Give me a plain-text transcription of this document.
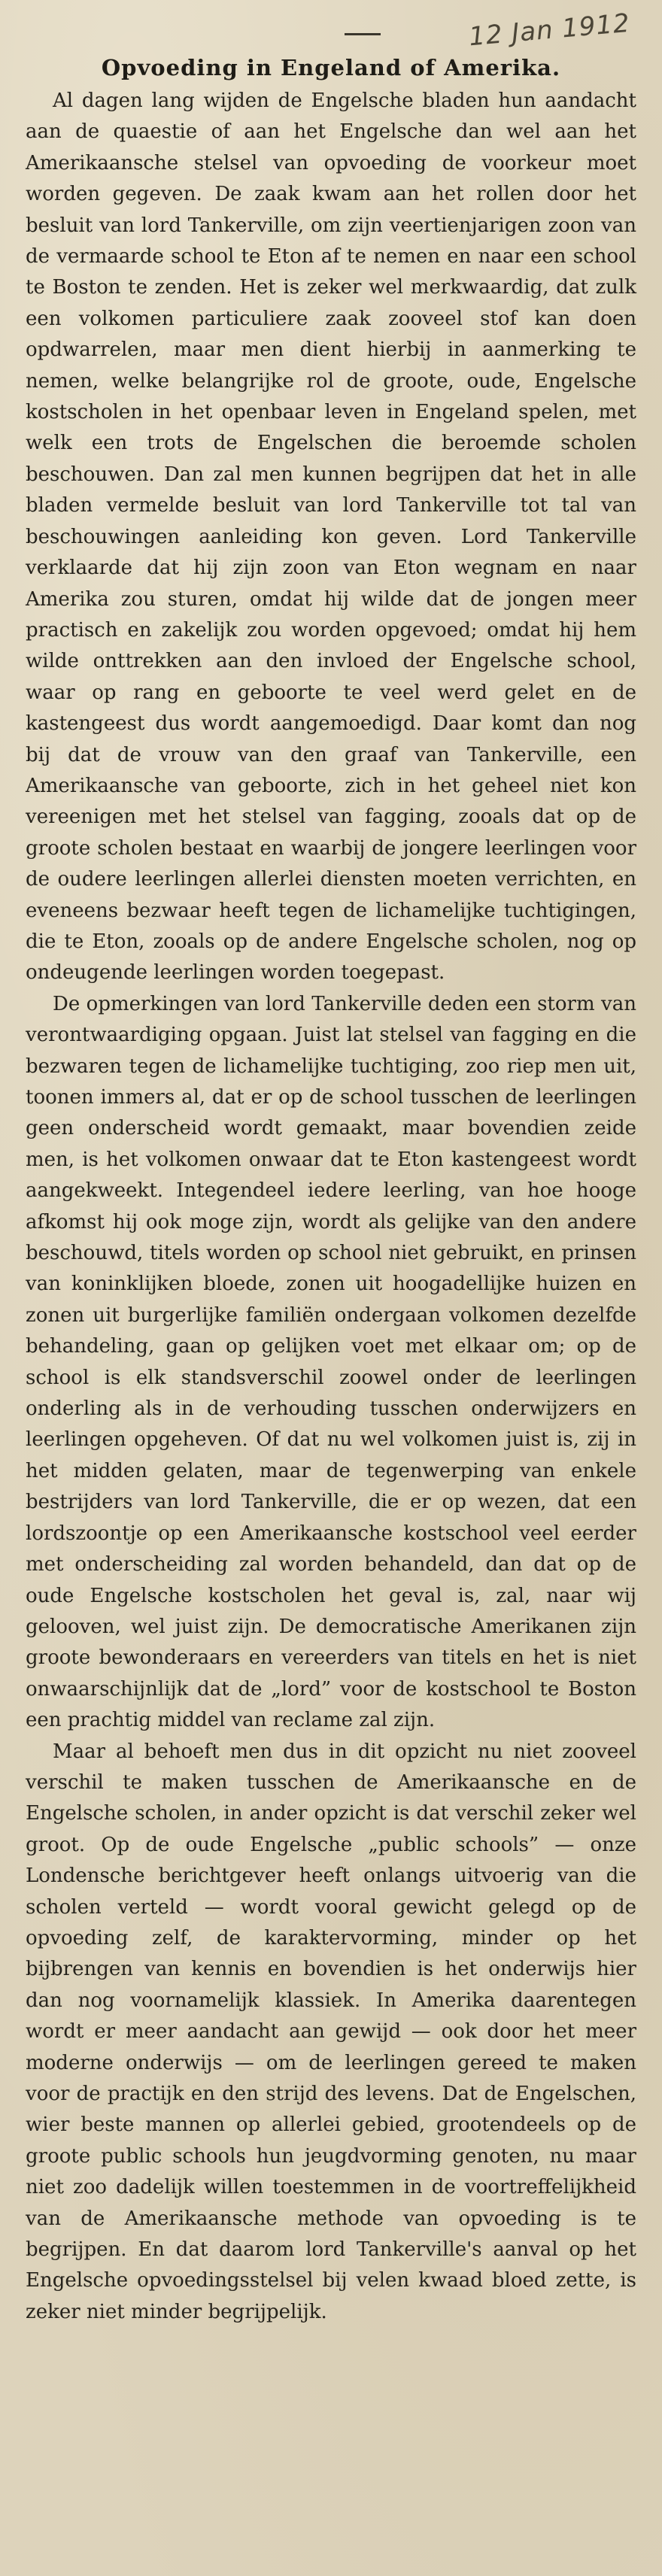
12 Jan 1912
Opvoeding in Engeland of Amerika.

Al dagen lang wijden de Engelsche bladen hun aandacht aan de quaestie of aan het Engelsche dan wel aan het Amerikaansche stelsel van opvoeding de voorkeur moet worden gegeven. De zaak kwam aan het rollen door het besluit van lord Tankerville, om zijn veertienjarigen zoon van de vermaarde school te Eton af te nemen en naar een school te Boston te zenden. Het is zeker wel merkwaardig, dat zulk een volkomen particuliere zaak zooveel stof kan doen opdwarrelen, maar men dient hierbij in aanmerking te nemen, welke belangrijke rol de groote, oude, Engelsche kostscholen in het openbaar leven in Engeland spelen, met welk een trots de Engelschen die beroemde scholen beschouwen. Dan zal men kunnen begrijpen dat het in alle bladen vermelde besluit van lord Tankerville tot tal van beschouwingen aanleiding kon geven. Lord Tankerville verklaarde dat hij zijn zoon van Eton wegnam en naar Amerika zou sturen, omdat hij wilde dat de jongen meer practisch en zakelijk zou worden opgevoed; omdat hij hem wilde onttrekken aan den invloed der Engelsche school, waar op rang en geboorte te veel werd gelet en de kastengeest dus wordt aangemoedigd. Daar komt dan nog bij dat de vrouw van den graaf van Tankerville, een Amerikaansche van geboorte, zich in het geheel niet kon vereenigen met het stelsel van fagging, zooals dat op de groote scholen bestaat en waarbij de jongere leerlingen voor de oudere leerlingen allerlei diensten moeten verrichten, en eveneens bezwaar heeft tegen de lichamelijke tuchtigingen, die te Eton, zooals op de andere Engelsche scholen, nog op ondeugende leerlingen worden toegepast.

De opmerkingen van lord Tankerville deden een storm van verontwaardiging opgaan. Juist lat stelsel van fagging en die bezwaren tegen de lichamelijke tuchtiging, zoo riep men uit, toonen immers al, dat er op de school tusschen de leerlingen geen onderscheid wordt gemaakt, maar bovendien zeide men, is het volkomen onwaar dat te Eton kastengeest wordt aangekweekt. Integendeel iedere leerling, van hoe hooge afkomst hij ook moge zijn, wordt als gelijke van den andere beschouwd, titels worden op school niet gebruikt, en prinsen van koninklijken bloede, zonen uit hoogadellijke huizen en zonen uit burgerlijke familiën ondergaan volkomen dezelfde behandeling, gaan op gelijken voet met elkaar om; op de school is elk standsverschil zoowel onder de leerlingen onderling als in de verhouding tusschen onderwijzers en leerlingen opgeheven. Of dat nu wel volkomen juist is, zij in het midden gelaten, maar de tegenwerping van enkele bestrijders van lord Tankerville, die er op wezen, dat een lordszoontje op een Amerikaansche kostschool veel eerder met onderscheiding zal worden behandeld, dan dat op de oude Engelsche kostscholen het geval is, zal, naar wij gelooven, wel juist zijn. De democratische Amerikanen zijn groote bewonderaars en vereerders van titels en het is niet onwaarschijnlijk dat de „lord” voor de kostschool te Boston een prachtig middel van reclame zal zijn.

Maar al behoeft men dus in dit opzicht nu niet zooveel verschil te maken tusschen de Amerikaansche en de Engelsche scholen, in ander opzicht is dat verschil zeker wel groot. Op de oude Engelsche „public schools” — onze Londensche berichtgever heeft onlangs uitvoerig van die scholen verteld — wordt vooral gewicht gelegd op de opvoeding zelf, de karaktervorming, minder op het bijbrengen van kennis en bovendien is het onderwijs hier dan nog voornamelijk klassiek. In Amerika daarentegen wordt er meer aandacht aan gewijd — ook door het meer moderne onderwijs — om de leerlingen gereed te maken voor de practijk en den strijd des levens. Dat de Engelschen, wier beste mannen op allerlei gebied, grootendeels op de groote public schools hun jeugdvorming genoten, nu maar niet zoo dadelijk willen toestemmen in de voortreffelijkheid van de Amerikaansche methode van opvoeding is te begrijpen. En dat daarom lord Tankerville's aanval op het Engelsche opvoedingsstelsel bij velen kwaad bloed zette, is zeker niet minder begrijpelijk.
